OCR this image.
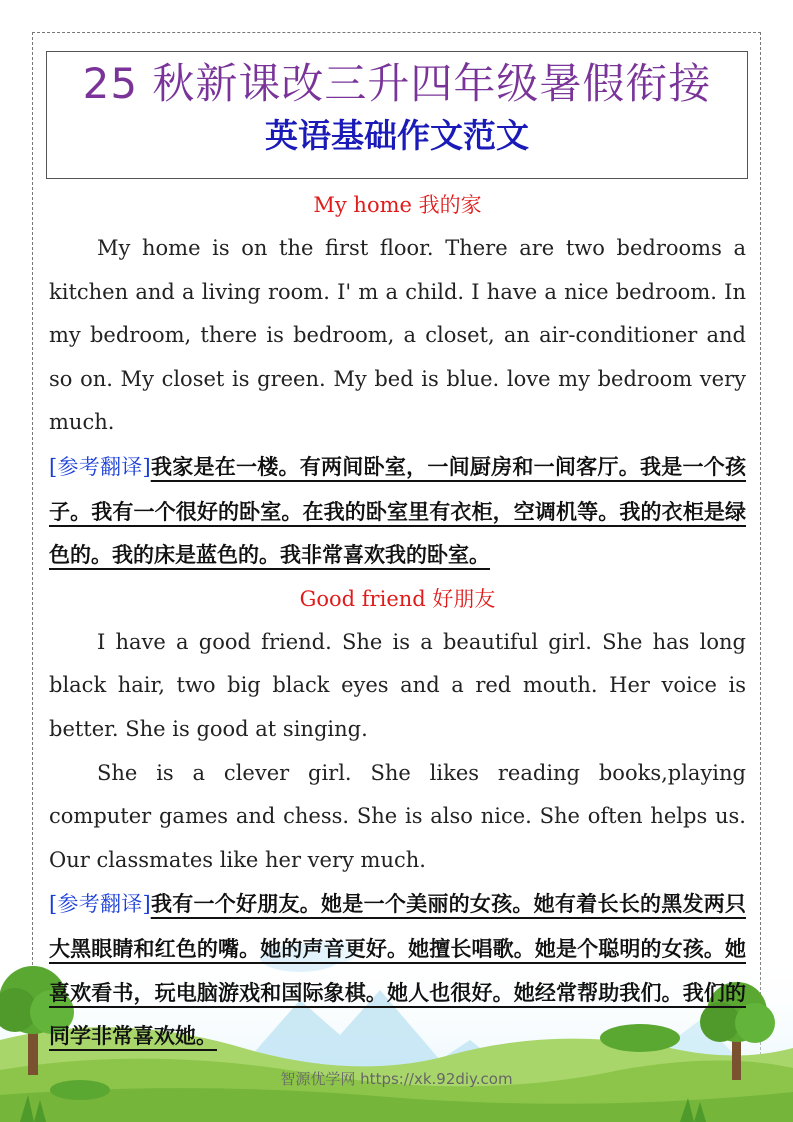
25 秋新课改三升四年级暑假衔接
英语基础作文范文
My home 我的家

My home is on the first floor. There are two bedrooms a kitchen and a living room. I' m a child. I have a nice bedroom. In my bedroom, there is bedroom, a closet, an air-conditioner and so on. My closet is green. My bed is blue. love my bedroom very much.

[参考翻译]我家是在一楼。有两间卧室，一间厨房和一间客厅。我是一个孩子。我有一个很好的卧室。在我的卧室里有衣柜，空调机等。我的衣柜是绿色的。我的床是蓝色的。我非常喜欢我的卧室。

Good friend 好朋友

I have a good friend. She is a beautiful girl. She has long black hair, two big black eyes and a red mouth. Her voice is better. She is good at singing.

She is a clever girl. She likes reading books,playing computer games and chess. She is also nice. She often helps us. Our classmates like her very much.

[参考翻译]我有一个好朋友。她是一个美丽的女孩。她有着长长的黑发两只大黑眼睛和红色的嘴。她的声音更好。她擅长唱歌。她是个聪明的女孩。她喜欢看书，玩电脑游戏和国际象棋。她人也很好。她经常帮助我们。我们的同学非常喜欢她。

智源优学网 https://xk.92diy.com
